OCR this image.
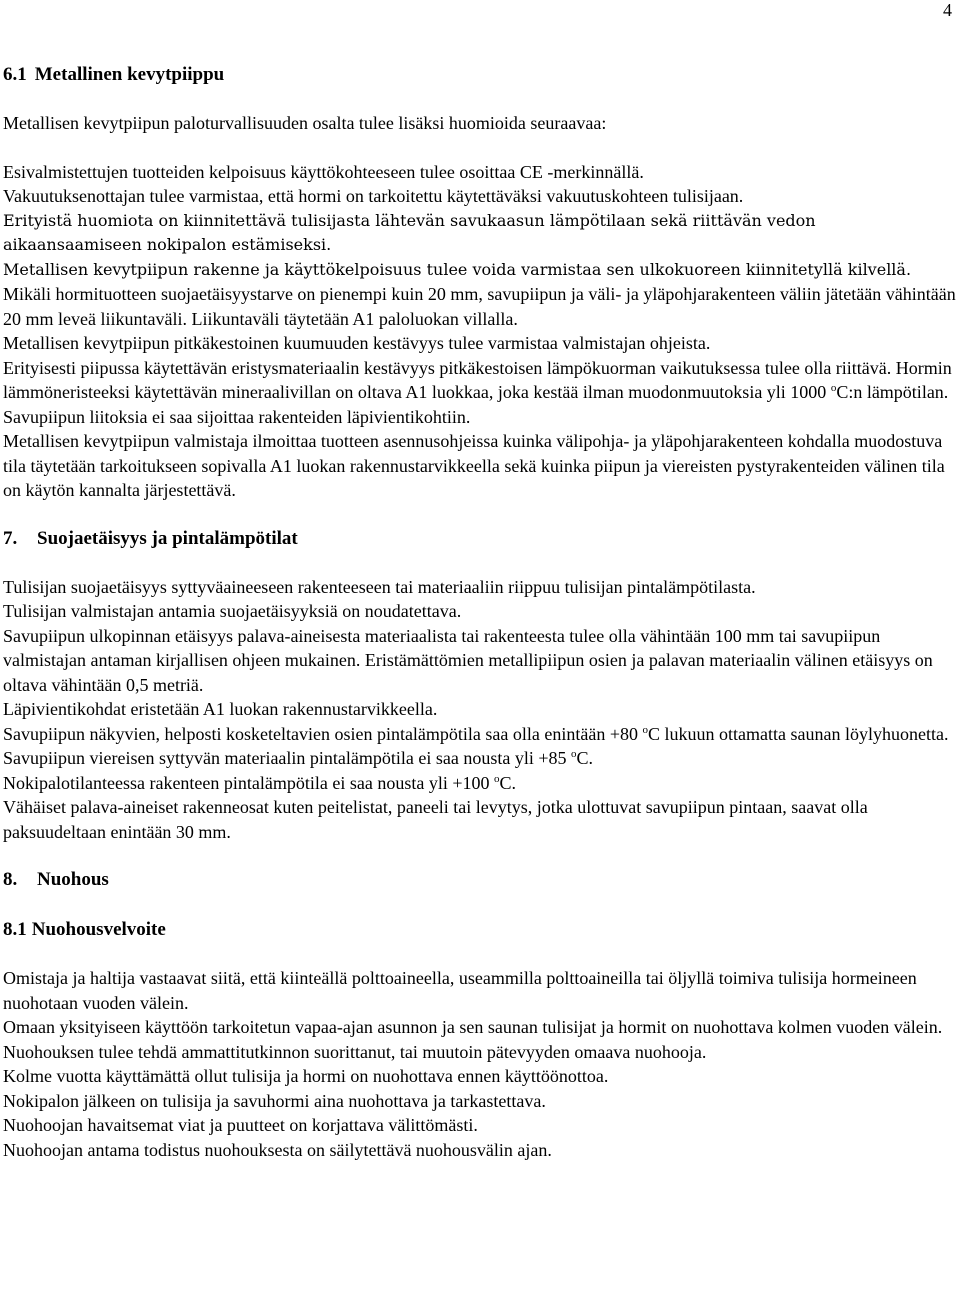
4
6.1 Metallinen kevytpiippu

Metallisen kevytpiipun paloturvallisuuden osalta tulee lisäksi huomioida seuraavaa:

Esivalmistettujen tuotteiden kelpoisuus käyttökohteeseen tulee osoittaa CE -merkinnällä.

Vakuutuksenottajan tulee varmistaa, että hormi on tarkoitettu käytettäväksi vakuutuskohteen tulisijaan.

Erityistä huomiota on kiinnitettävä tulisijasta lähtevän savukaasun lämpötilaan sekä riittävän vedon aikaansaamiseen nokipalon estämiseksi.

Metallisen kevytpiipun rakenne ja käyttökelpoisuus tulee voida varmistaa sen ulkokuoreen kiinnitetyllä kilvellä.

Mikäli hormituotteen suojaetäisyystarve on pienempi kuin 20 mm, savupiipun ja väli- ja yläpohjarakenteen väliin jätetään vähintään 20 mm leveä liikuntaväli. Liikuntaväli täytetään A1 paloluokan villalla.

Metallisen kevytpiipun pitkäkestoinen kuumuuden kestävyys tulee varmistaa valmistajan ohjeista.

Erityisesti piipussa käytettävän eristysmateriaalin kestävyys pitkäkestoisen lämpökuorman vaikutuksessa tulee olla riittävä. Hormin lämmöneristeeksi käytettävän mineraalivillan on oltava A1 luokkaa, joka kestää ilman muodonmuutoksia yli 1000 $^o$C:n lämpötilan.

Savupiipun liitoksia ei saa sijoittaa rakenteiden läpivientikohtiin.

Metallisen kevytpiipun valmistaja ilmoittaa tuotteen asennusohjeissa kuinka välipohja- ja yläpohjarakenteen kohdalla muodostuva tila täytetään tarkoitukseen sopivalla A1 luokan rakennustarvikkeella sekä kuinka piipun ja viereisten pystyrakenteiden välinen tila on käytön kannalta järjestettävä.

7. Suojaetäisyys ja pintalämpötilat

Tulisijan suojaetäisyys syttyväaineeseen rakenteeseen tai materiaaliin riippuu tulisijan pintalämpötilasta.

Tulisijan valmistajan antamia suojaetäisyyksiä on noudatettava.

Savupiipun ulkopinnan etäisyys palava-aineisesta materiaalista tai rakenteesta tulee olla vähintään 100 mm tai savupiipun valmistajan antaman kirjallisen ohjeen mukainen. Eristämättömien metallipiipun osien ja palavan materiaalin välinen etäisyys on oltava vähintään 0,5 metriä.

Läpivientikohdat eristetään A1 luokan rakennustarvikkeella.

Savupiipun näkyvien, helposti kosketeltavien osien pintalämpötila saa olla enintään +80 $^o$C lukuun ottamatta saunan löylyhuonetta.

Savupiipun viereisen syttyvän materiaalin pintalämpötila ei saa nousta yli +85 $^o$C.

Nokipalotilanteessa rakenteen pintalämpötila ei saa nousta yli +100 $^o$C.

Vähäiset palava-aineiset rakenneosat kuten peitelistat, paneeli tai levytys, jotka ulottuvat savupiipun pintaan, saavat olla paksuudeltaan enintään 30 mm.

8. Nuohous
8.1 Nuohousvelvoite

Omistaja ja haltija vastaavat siitä, että kiinteällä polttoaineella, useammilla polttoaineilla tai öljyllä toimiva tulisija hormeineen nuohotaan vuoden välein.

Omaan yksityiseen käyttöön tarkoitetun vapaa-ajan asunnon ja sen saunan tulisijat ja hormit on nuohottava kolmen vuoden välein.

Nuohouksen tulee tehdä ammattitutkinnon suorittanut, tai muutoin pätevyyden omaava nuohooja.

Kolme vuotta käyttämättä ollut tulisija ja hormi on nuohottava ennen käyttöönottoa.

Nokipalon jälkeen on tulisija ja savuhormi aina nuohottava ja tarkastettava.

Nuohoojan havaitsemat viat ja puutteet on korjattava välittömästi.

Nuohoojan antama todistus nuohouksesta on säilytettävä nuohousvälin ajan.
